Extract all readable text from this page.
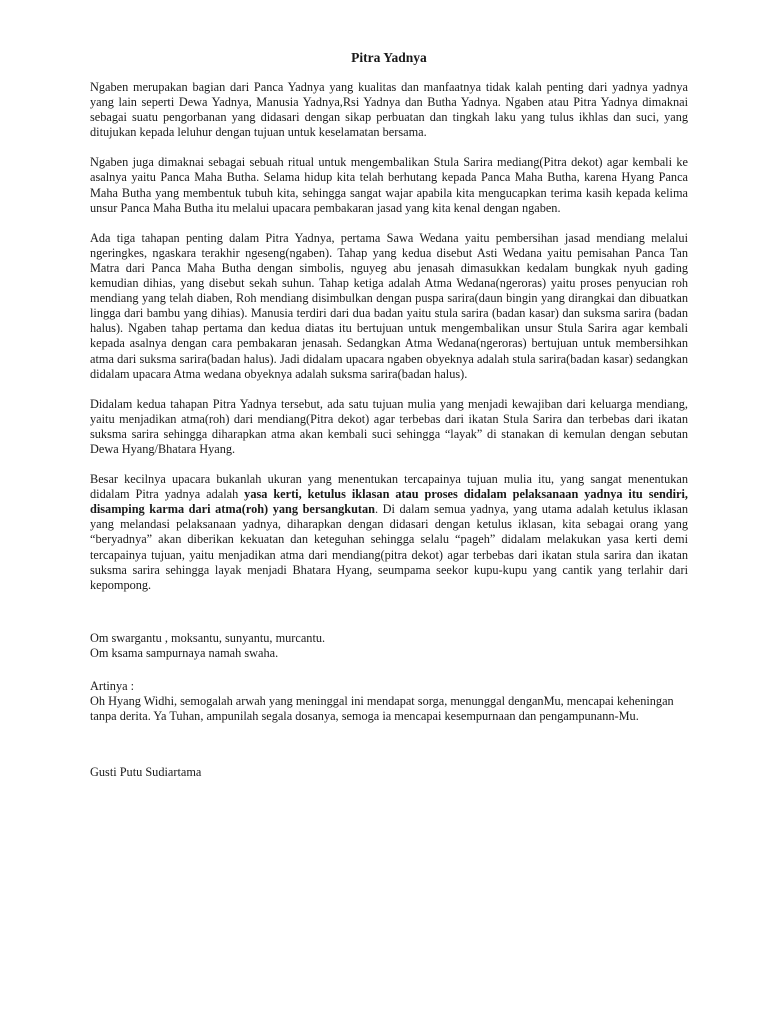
Pitra Yadnya

Ngaben merupakan bagian dari Panca Yadnya yang kualitas dan manfaatnya tidak kalah penting dari yadnya yadnya yang lain seperti Dewa Yadnya, Manusia Yadnya,Rsi Yadnya dan Butha Yadnya. Ngaben atau Pitra Yadnya dimaknai sebagai suatu pengorbanan yang didasari dengan sikap perbuatan dan tingkah laku yang tulus ikhlas dan suci, yang ditujukan kepada leluhur dengan tujuan untuk keselamatan bersama.

Ngaben juga dimaknai sebagai sebuah ritual untuk mengembalikan Stula Sarira mediang(Pitra dekot) agar kembali ke asalnya yaitu Panca Maha Butha. Selama hidup kita telah berhutang kepada Panca Maha Butha, karena Hyang Panca Maha Butha yang membentuk tubuh kita, sehingga sangat wajar apabila kita mengucapkan terima kasih kepada kelima unsur Panca Maha Butha itu melalui upacara pembakaran jasad yang kita kenal dengan ngaben.

Ada tiga tahapan penting dalam Pitra Yadnya, pertama Sawa Wedana yaitu pembersihan jasad mendiang melalui ngeringkes, ngaskara terakhir ngeseng(ngaben). Tahap yang kedua disebut Asti Wedana yaitu pemisahan Panca Tan Matra dari Panca Maha Butha dengan simbolis, nguyeg abu jenasah dimasukkan kedalam bungkak nyuh gading kemudian dihias, yang disebut sekah suhun. Tahap ketiga adalah Atma Wedana(ngeroras) yaitu proses penyucian roh mendiang yang telah diaben, Roh mendiang disimbulkan dengan puspa sarira(daun bingin yang dirangkai dan dibuatkan lingga dari bambu yang dihias). Manusia terdiri dari dua badan yaitu stula sarira (badan kasar) dan suksma sarira (badan halus). Ngaben tahap pertama dan kedua diatas itu bertujuan untuk mengembalikan unsur Stula Sarira agar kembali kepada asalnya dengan cara pembakaran jenasah. Sedangkan Atma Wedana(ngeroras) bertujuan untuk membersihkan atma dari suksma sarira(badan halus). Jadi didalam upacara ngaben obyeknya adalah stula sarira(badan kasar) sedangkan didalam upacara Atma wedana obyeknya adalah suksma sarira(badan halus).

Didalam kedua tahapan Pitra Yadnya tersebut, ada satu tujuan mulia yang menjadi kewajiban dari keluarga mendiang, yaitu menjadikan atma(roh) dari mendiang(Pitra dekot) agar terbebas dari ikatan Stula Sarira dan terbebas dari ikatan suksma sarira sehingga diharapkan atma akan kembali suci sehingga “layak” di stanakan di kemulan dengan sebutan Dewa Hyang/Bhatara Hyang.

Besar kecilnya upacara bukanlah ukuran yang menentukan tercapainya tujuan mulia itu, yang sangat menentukan didalam Pitra yadnya adalah yasa kerti, ketulus iklasan atau proses didalam pelaksanaan yadnya itu sendiri, disamping karma dari atma(roh) yang bersangkutan. Di dalam semua yadnya, yang utama adalah ketulus iklasan yang melandasi pelaksanaan yadnya, diharapkan dengan didasari dengan ketulus iklasan, kita sebagai orang yang “beryadnya” akan diberikan kekuatan dan keteguhan sehingga selalu “pageh” didalam melakukan yasa kerti demi tercapainya tujuan, yaitu menjadikan atma dari mendiang(pitra dekot) agar terbebas dari ikatan stula sarira dan ikatan suksma sarira sehingga layak menjadi Bhatara Hyang, seumpama seekor kupu-kupu yang cantik yang terlahir dari kepompong.

Om swargantu , moksantu, sunyantu, murcantu.

Om ksama sampurnaya namah swaha.

Artinya :

Oh Hyang Widhi, semogalah arwah yang meninggal ini mendapat sorga, menunggal denganMu, mencapai keheningan tanpa derita. Ya Tuhan, ampunilah segala dosanya, semoga ia mencapai kesempurnaan dan pengampunann-Mu.

Gusti Putu Sudiartama
